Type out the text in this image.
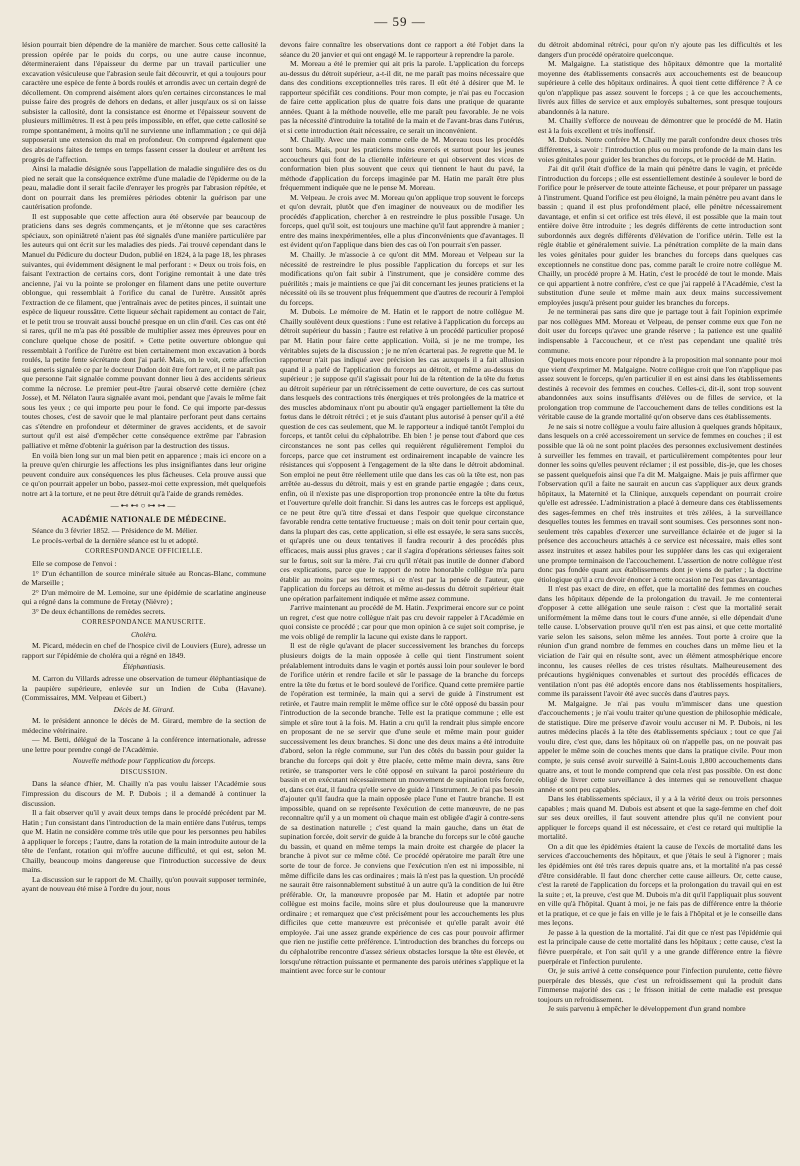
— 59 —

lésion pourrait bien dépendre de la manière de marcher. Sous cette callosité la pression opérée par le poids du corps, ou une autre cause inconnue, détermineraient dans l'épaisseur du derme par un travail particulier une excavation vésiculeuse que l'abrasion seule fait découvrir, et qui a toujours pour caractère une espèce de fente à bords roulés et arrondis avec un certain degré de décollement. On comprend aisément alors qu'en certaines circonstances le mal puisse faire des progrès de dehors en dedans, et aller jusqu'aux os si on laisse subsister la callosité, dont la consistance est énorme et l'épaisseur souvent de plusieurs millimètres. Il est à peu près impossible, en effet, que cette callosité se rompe spontanément, à moins qu'il ne survienne une inflammation ; ce qui déjà supposerait une extension du mal en profondeur. On comprend également que des abrasions faites de temps en temps fassent cesser la douleur et arrêtent les progrès de l'affection.

Ainsi la maladie désignée sous l'appellation de maladie singulière des os du pied ne serait que la conséquence extrême d'une maladie de l'épiderme ou de la peau, maladie dont il serait facile d'enrayer les progrès par l'abrasion répétée, et dont on pourrait dans les premières périodes obtenir la guérison par une cautérisation profonde.

Il est supposable que cette affection aura été observée par beaucoup de praticiens dans ses degrés commençants, et je m'étonne que ses caractères spéciaux, son opiniâtreté n'aient pas été signalés d'une manière particulière par les auteurs qui ont écrit sur les maladies des pieds. J'ai trouvé cependant dans le Manuel du Pédicure du docteur Dudon, publié en 1824, à la page 18, les phrases suivantes, qui évidemment désignent le mal perforant : « Deux ou trois fois, en faisant l'extraction de certains cors, dont l'origine remontait à une date très ancienne, j'ai vu la pointe se prolonger en filament dans une petite ouverture oblongue, qui ressemblait à l'orifice du canal de l'urètre. Aussitôt après l'extraction de ce filament, que j'entraînais avec de petites pinces, il suintait une espèce de liqueur roussâtre. Cette liqueur séchait rapidement au contact de l'air, et le petit trou se trouvait aussi bouché presque en un clin d'œil. Ces cas ont été si rares, qu'il ne m'a pas été possible de multiplier assez mes épreuves pour en conclure quelque chose de positif. » Cette petite ouverture oblongue qui ressemblait à l'orifice de l'urètre est bien certainement mon excavation à bords roulés, la petite fente sécrétante dont j'ai parlé. Mais, on le voit, cette affection sui generis signalée ce par le docteur Dudon doit être fort rare, et il ne paraît pas que personne l'ait signalée comme pouvant donner lieu à des accidents sérieux comme la nécrose. Le premier peut-être j'aurai observé cette dernière (chez Josse), et M. Nélaton l'aura signalée avant moi, pendant que j'avais le même fait sous les yeux ; ce qui importe peu pour le fond. Ce qui importe par-dessus toutes choses, c'est de savoir que le mal plantaire perforant peut dans certains cas s'étendre en profondeur et déterminer de graves accidents, et de savoir surtout qu'il est aisé d'empêcher cette conséquence extrême par l'abrasion palliative et même d'obtenir la guérison par la destruction des tissus.

En voilà bien long sur un mal bien petit en apparence ; mais ici encore on a la preuve qu'en chirurgie les affections les plus insignifiantes dans leur origine peuvent conduire aux conséquences les plus fâcheuses. Cela prouve aussi que ce qu'on pourrait appeler un bobo, passez-moi cette expression, mét quelquefois notre art à la torture, et ne peut être détruit qu'à l'aide de grands remèdes.

—⊷⊷○⊶⊶—

ACADÉMIE NATIONALE DE MÉDECINE.

Séance du 3 février 1852. — Présidence de M. Mélier.

Le procès-verbal de la dernière séance est lu et adopté.

CORRESPONDANCE OFFICIELLE.

Elle se compose de l'envoi :

1° D'un échantillon de source minérale située au Roncas-Blanc, commune de Marseille ;

2° D'un mémoire de M. Lemoine, sur une épidémie de scarlatine angineuse qui a régné dans la commune de Fretay (Nièvre) ;

3° De deux échantillons de remèdes secrets.

CORRESPONDANCE MANUSCRITE.

Choléra.

M. Picard, médecin en chef de l'hospice civil de Louviers (Eure), adresse un rapport sur l'épidémie de choléra qui a régné en 1849.

Éléphantiasis.

M. Carron du Villards adresse une observation de tumeur éléphantiasique de la paupière supérieure, enlevée sur un Indien de Cuba (Havane). (Commissaires, MM. Velpeau et Gibert.)

Décès de M. Girard.

M. le président annonce le décès de M. Girard, membre de la section de médecine vétérinaire.

— M. Betti, délégué de la Toscane à la conférence internationale, adresse une lettre pour prendre congé de l'Académie.

Nouvelle méthode pour l'application du forceps.

DISCUSSION.

Dans la séance d'hier, M. Chailly n'a pas voulu laisser l'Académie sous l'impression du discours de M. P. Dubois ; il a demandé à continuer la discussion.

Il a fait observer qu'il y avait deux temps dans le procédé précédent par M. Hatin ; l'un consistant dans l'introduction de la main entière dans l'utérus, temps que M. Hatin ne considère comme très utile que pour les personnes peu habiles à appliquer le forceps ; l'autre, dans la rotation de la main introduite autour de la tête de l'enfant, rotation qui m'offre aucune difficulté, et qui est, selon M. Chailly, beaucoup moins dangereuse que l'introduction successive de deux mains.

La discussion sur le rapport de M. Chailly, qu'on pouvait supposer terminée, ayant de nouveau été mise à l'ordre du jour, nous

devons faire connaître les observations dont ce rapport a été l'objet dans la séance du 20 janvier et qui ont engagé M. le rapporteur à reprendre la parole.

M. Moreau a été le premier qui ait pris la parole. L'application du forceps au-dessus du détroit supérieur, a-t-il dit, ne me paraît pas moins nécessaire que dans des conditions exceptionnelles très rares. Il eût été à désirer que M. le rapporteur spécifiât ces conditions. Pour mon compte, je n'ai pas eu l'occasion de faire cette application plus de quatre fois dans une pratique de quarante années. Quant à la méthode nouvelle, elle me paraît peu favorable. Je ne vois pas la nécessité d'introduire la totalité de la main et de l'avant-bras dans l'utérus, et si cette introduction était nécessaire, ce serait un inconvénient.

M. Chailly. Avec une main comme celle de M. Moreau tous les procédés sont bons. Mais, pour les praticiens moins exercés et surtout pour les jeunes accoucheurs qui font de la clientèle inférieure et qui observent des vices de conformation bien plus souvent que ceux qui tiennent le haut du pavé, la méthode d'application du forceps imaginée par M. Hatin me paraît être plus fréquemment indiquée que ne le pense M. Moreau.

M. Velpeau. Je crois avec M. Moreau qu'on applique trop souvent le forceps et qu'on devrait, plutôt que d'en imaginer de nouveaux ou de modifier les procédés d'application, chercher à en restreindre le plus possible l'usage. Un forceps, quel qu'il soit, est toujours une machine qu'il faut apprendre à manier ; entre des mains inexpérimentées, elle a plus d'inconvénients que d'avantages. Il est évident qu'on l'applique dans bien des cas où l'on pourrait s'en passer.

M. Chailly. Je m'associe à ce qu'ont dit MM. Moreau et Velpeau sur la nécessité de restreindre le plus possible l'application du forceps et sur les modifications qu'on fait subir à l'instrument, que je considère comme des puérilités ; mais je maintiens ce que j'ai dit concernant les jeunes praticiens et la nécessité où ils se trouvent plus fréquemment que d'autres de recourir à l'emploi du forceps.

M. Dubois. Le mémoire de M. Hatin et le rapport de notre collègue M. Chailly soulèvent deux questions : l'une est relative à l'application du forceps au détroit supérieur du bassin ; l'autre est relative à un procédé particulier proposé par M. Hatin pour faire cette application. Voilà, si je ne me trompe, les véritables sujets de la discussion ; je ne m'en écarterai pas. Je regrette que M. le rapporteur n'ait pas indiqué avec précision les cas auxquels il a fait allusion quand il a parlé de l'application du forceps au détroit, et même au-dessus du supérieur ; je suppose qu'il s'agissait pour lui de la rétention de la tête du fœtus au détroit supérieur par un rétrécissement de cette ouverture, de ces cas surtout dans lesquels des contractions très énergiques et très prolongées de la matrice et des muscles abdominaux n'ont pu aboutir qu'à engager partiellement la tête du fœtus dans le détroit rétréci ; et je suis d'autant plus autorisé à penser qu'il a été question de ces cas seulement, que M. le rapporteur a indiqué tantôt l'emploi du forceps, et tantôt celui du céphalotribe. Eh bien ! je pense tout d'abord que ces circonstances ne sont pas celles qui requièrent régulièrement l'emploi du forceps, parce que cet instrument est ordinairement incapable de vaincre les résistances qui s'opposent à l'engagement de la tête dans le détroit abdominal. Son emploi ne peut être réellement utile que dans les cas où la tête est, non pas arrêtée au-dessus du détroit, mais y est en grande partie engagée ; dans ceux, enfin, où il n'existe pas une disproportion trop prononcée entre la tête du fœtus et l'ouverture qu'elle doit franchir. Si dans les autres cas le forceps est appliqué, ce ne peut être qu'à titre d'essai et dans l'espoir que quelque circonstance favorable rendra cette tentative fructueuse ; mais on doit tenir pour certain que, dans la plupart des cas, cette application, si elle est essayée, le sera sans succès, et qu'après une ou deux tentatives il faudra recourir à des procédés plus efficaces, mais aussi plus graves ; car il s'agira d'opérations sérieuses faites soit sur le fœtus, soit sur la mère. J'ai cru qu'il n'était pas inutile de donner d'abord ces explications, parce que le rapport de notre honorable collègue m'a paru établir au moins par ses termes, si ce n'est par la pensée de l'auteur, que l'application du forceps au détroit et même au-dessus du détroit supérieur était une opération parfaitement indiquée et même assez commune.

J'arrive maintenant au procédé de M. Hatin. J'exprimerai encore sur ce point un regret, c'est que notre collègue n'ait pas cru devoir rappeler à l'Académie en quoi consiste ce procédé ; car pour que mon opinion à ce sujet soit comprise, je me vois obligé de remplir la lacune qui existe dans le rapport.

Il est de règle qu'avant de placer successivement les branches du forceps plusieurs doigts de la main opposée à celle qui tient l'instrument soient préalablement introduits dans le vagin et portés aussi loin pour soulever le bord de l'orifice utérin et rendre facile et sûr le passage de la branche du forceps entre la tête du fœtus et le bord soulevé de l'orifice. Quand cette première partie de l'opération est terminée, la main qui a servi de guide à l'instrument est retirée, et l'autre main remplit le même office sur le côté opposé du bassin pour l'introduction de la seconde branche. Telle est la pratique commune ; elle est simple et sûre tout à la fois. M. Hatin a cru qu'il la rendrait plus simple encore en proposant de ne se servir que d'une seule et même main pour guider successivement les deux branches. Si donc une des deux mains a été introduite d'abord, selon la règle commune, sur l'un des côtés du bassin pour guider la branche du forceps qui doit y être placée, cette même main devra, sans être retirée, se transporter vers le côté opposé en suivant la paroi postérieure du bassin et en exécutant nécessairement un mouvement de supination très forcée, et, dans cet état, il faudra qu'elle serve de guide à l'instrument. Je n'ai pas besoin d'ajouter qu'il faudra que la main opposée place l'une et l'autre branche. Il est impossible, quand on se représente l'exécution de cette manœuvre, de ne pas reconnaître qu'il y a un moment où chaque main est obligée d'agir à contre-sens de sa destination naturelle ; c'est quand la main gauche, dans un état de supination forcée, doit servir de guide à la branche du forceps sur le côté gauche du bassin, et quand en même temps la main droite est chargée de placer la branche à pivot sur ce même côté. Ce procédé opératoire me paraît être une sorte de tour de force. Je conviens que l'exécution n'en est ni impossible, ni même difficile dans les cas ordinaires ; mais là n'est pas la question. Un procédé ne saurait être raisonnablement substitué à un autre qu'à la condition de lui être préférable. Or, la manœuvre proposée par M. Hatin et adoptée par notre collègue est moins facile, moins sûre et plus douloureuse que la manœuvre ordinaire ; et remarquez que c'est précisément pour les accouchements les plus difficiles que cette manœuvre est préconisée et qu'elle paraît avoir été employée. J'ai une assez grande expérience de ces cas pour pouvoir affirmer que rien ne justifie cette préférence. L'introduction des branches du forceps ou du céphalotribe rencontre d'assez sérieux obstacles lorsque la tête est élevée, et lorsqu'une rétraction puissante et permanente des parois utérines s'applique et la maintient avec force sur le contour

du détroit abdominal rétréci, pour qu'on n'y ajoute pas les difficultés et les dangers d'un procédé opératoire quelconque.

M. Malgaigne. La statistique des hôpitaux démontre que la mortalité moyenne des établissements consacrés aux accouchements est de beaucoup supérieure à celle des hôpitaux ordinaires. À quoi tient cette différence ? À ce qu'on n'applique pas assez souvent le forceps ; à ce que les accouchements, livrés aux filles de service et aux employés subalternes, sont presque toujours abandonnés à la nature.

M. Chailly s'efforce de nouveau de démontrer que le procédé de M. Hatin est à la fois excellent et très inoffensif.

M. Dubois. Notre confrère M. Chailly me paraît confondre deux choses très différentes, à savoir : l'introduction plus ou moins profonde de la main dans les voies génitales pour guider les branches du forceps, et le procédé de M. Hatin.

J'ai dit qu'il était d'office de la main qui pénètre dans le vagin, et précède l'introduction du forceps ; elle est essentiellement destinée à soulever le bord de l'orifice pour le préserver de toute atteinte fâcheuse, et pour préparer un passage à l'instrument. Quand l'orifice est peu éloigné, la main pénètre peu avant dans le bassin ; quand il est plus profondément placé, elle pénètre nécessairement davantage, et enfin si cet orifice est très élevé, il est possible que la main tout entière doive être introduite ; les degrés différents de cette introduction sont subordonnés aux degrés différents d'élévation de l'orifice utérin. Telle est la règle établie et généralement suivie. La pénétration complète de la main dans les voies génitales pour guider les branches du forceps dans quelques cas exceptionnels ne constitue donc pas, comme paraît le croire notre collègue M. Chailly, un procédé propre à M. Hatin, c'est le procédé de tout le monde. Mais ce qui appartient à notre confrère, c'est ce que j'ai rappelé à l'Académie, c'est la substitution d'une seule et même main aux deux mains successivement employées jusqu'à présent pour guider les branches du forceps.

Je ne terminerai pas sans dire que je partage tout à fait l'opinion exprimée par nos collègues MM. Moreau et Velpeau, de penser comme eux que l'on ne doit user du forceps qu'avec une grande réserve ; la patience est une qualité indispensable à l'accoucheur, et ce n'est pas cependant une qualité très commune.

Quelques mots encore pour répondre à la proposition mal sonnante pour moi que vient d'exprimer M. Malgaigne. Notre collègue croit que l'on n'applique pas assez souvent le forceps, qu'en particulier il en est ainsi dans les établissements destinés à recevoir des femmes en couches. Celles-ci, dit-il, sont trop souvent abandonnées aux soins insuffisants d'élèves ou de filles de service, et la prolongation trop commune de l'accouchement dans de telles conditions est la véritable cause de la grande mortalité qu'on observe dans ces établissements.

Je ne sais si notre collègue a voulu faire allusion à quelques grands hôpitaux, dans lesquels on a créé accessoirement un service de femmes en couches ; il est possible que là où ne sont point placées des personnes exclusivement destinées à surveiller les femmes en travail, et particulièrement compétentes pour leur donner les soins qu'elles peuvent réclamer ; il est possible, dis-je, que les choses se passent quelquefois ainsi que l'a dit M. Malgaigne. Mais je puis affirmer que l'observation qu'il a faite ne saurait en aucun cas s'appliquer aux deux grands hôpitaux, la Maternité et la Clinique, auxquels cependant on pourrait croire qu'elle est adressée. L'administration a placé à demeure dans ces établissements des sages-femmes en chef très instruites et très zélées, à la surveillance desquelles toutes les femmes en travail sont soumises. Ces personnes sont non-seulement très capables d'exercer une surveillance éclairée et de juger si la présence des accoucheurs attachés à ce service est nécessaire, mais elles sont assez instruites et assez habiles pour les suppléer dans les cas qui exigeraient une prompte terminaison de l'accouchement. L'assertion de notre collègue n'est donc pas fondée quant aux établissements dont je viens de parler ; la doctrine étiologique qu'il a cru devoir énoncer à cette occasion ne l'est pas davantage.

Il n'est pas exact de dire, en effet, que la mortalité des femmes en couches dans les hôpitaux dépende de la prolongation du travail. Je me contenterai d'opposer à cette allégation une seule raison : c'est que la mortalité serait uniformément la même dans tout le cours d'une année, si elle dépendait d'une telle cause. L'observation prouve qu'il n'en est pas ainsi, et que cette mortalité varie selon les saisons, selon même les années. Tout porte à croire que la réunion d'un grand nombre de femmes en couches dans un même lieu et la viciation de l'air qui en résulte sont, avec un élément atmosphérique encore inconnu, les causes réelles de ces tristes résultats. Malheureusement des précautions hygiéniques convenables et surtout des procédés efficaces de ventilation n'ont pas été adoptés encore dans nos établissements hospitaliers, comme ils paraissent l'avoir été avec succès dans d'autres pays.

M. Malgaigne. Je n'ai pas voulu m'immiscer dans une question d'accouchements ; je n'ai voulu traiter qu'une question de philosophie médicale, de statistique. Dire me préserve d'avoir voulu accuser ni M. P. Dubois, ni les autres médecins placés à la tête des établissements spéciaux ; tout ce que j'ai voulu dire, c'est que, dans les hôpitaux où on n'appelle pas, on ne pouvait pas appeler le même soin de couches ments que dans la pratique civile. Pour mon compte, je suis censé avoir surveillé à Saint-Louis 1,800 accouchements dans quatre ans, et tout le monde comprend que cela n'est pas possible. On est donc obligé de livrer cette surveillance à des internes qui se renouvellent chaque année et sont peu capables.

Dans les établissements spéciaux, il y a à la vérité deux ou trois personnes capables ; mais quand M. Dubois est absent et que la sage-femme en chef doit sur ses deux oreilles, il faut souvent attendre plus qu'il ne convient pour appliquer le forceps quand il est nécessaire, et c'est ce retard qui multiplie la mortalité.

On a dit que les épidémies étaient la cause de l'excès de mortalité dans les services d'accouchements des hôpitaux, et que j'étais le seul à l'ignorer ; mais les épidémies ont été très rares depuis quatre ans, et la mortalité n'a pas cessé d'être considérable. Il faut donc chercher cette cause ailleurs. Or, cette cause, c'est la rareté de l'application du forceps et la prolongation du travail qui en est la suite ; et, la preuve, c'est que M. Dubois m'a dit qu'il l'appliquait plus souvent en ville qu'à l'hôpital. Quant à moi, je ne fais pas de différence entre la théorie et la pratique, et ce que je fais en ville je le fais à l'hôpital et je le conseille dans mes leçons.

Je passe à la question de la mortalité. J'ai dit que ce n'est pas l'épidémie qui est la principale cause de cette mortalité dans les hôpitaux ; cette cause, c'est la fièvre puerpérale, et l'on sait qu'il y a une grande différence entre la fièvre puerpérale et l'infection purulente.

Or, je suis arrivé à cette conséquence pour l'infection purulente, cette fièvre puerpérale des blessés, que c'est un refroidissement qui la produit dans l'immense majorité des cas ; le frisson initial de cette maladie est presque toujours un refroidissement.

Je suis parvenu à empêcher le développement d'un grand nombre
